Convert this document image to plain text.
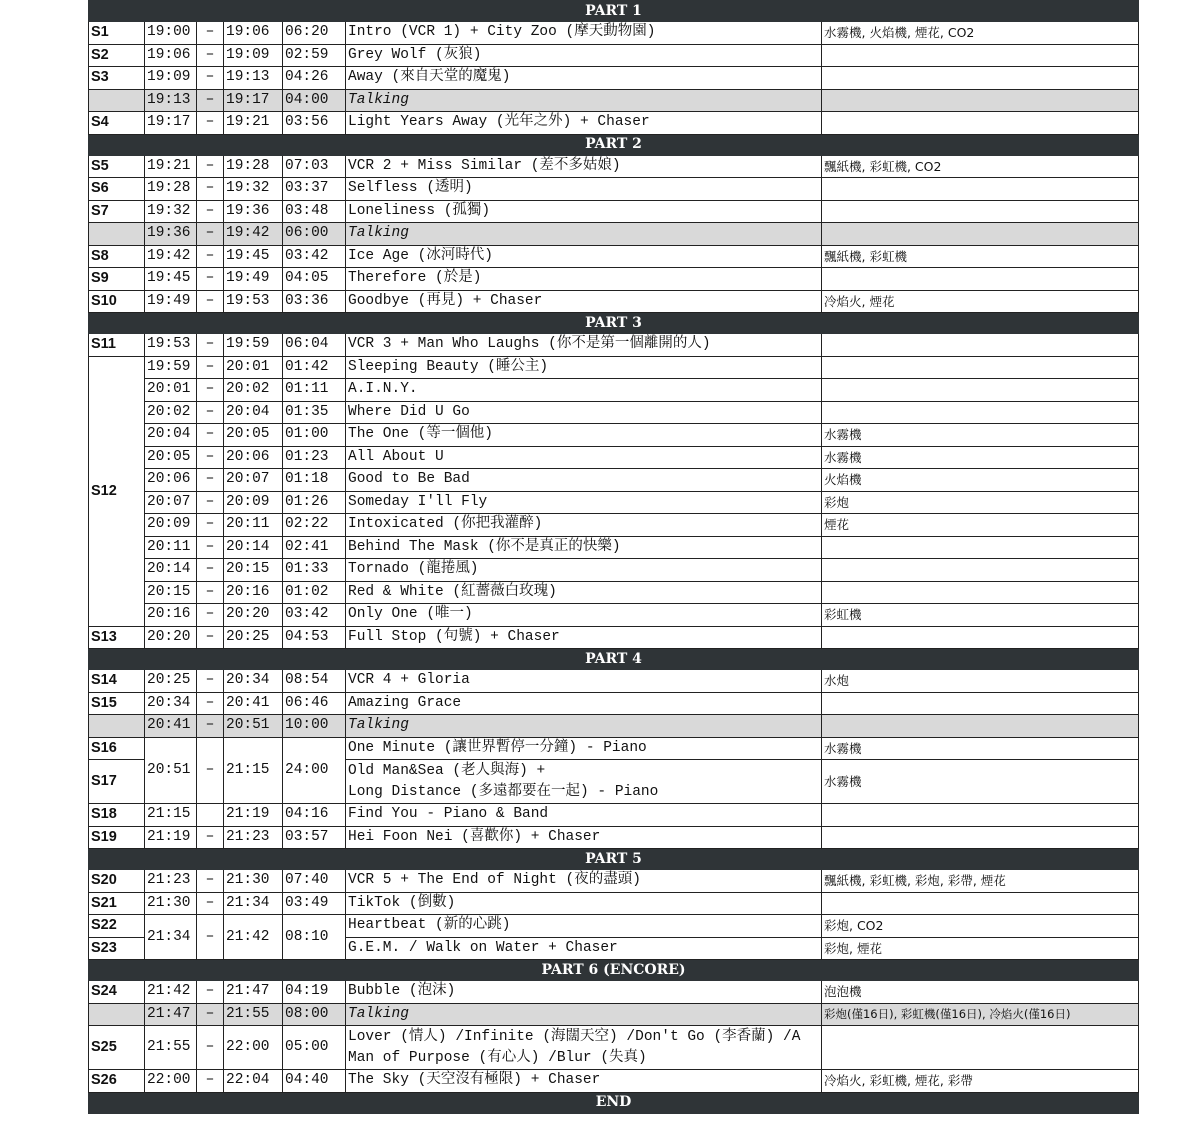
PART 1						
S1	19:00	–	19:06	06:20	Intro (VCR 1) + City Zoo (摩天動物園)	水霧機, 火焰機, 煙花, CO2
S2	19:06	–	19:09	02:59	Grey Wolf (灰狼)	
S3	19:09	–	19:13	04:26	Away (來自天堂的魔鬼)	
	19:13	–	19:17	04:00	Talking	
S4	19:17	–	19:21	03:56	Light Years Away (光年之外) + Chaser	
PART 2						
S5	19:21	–	19:28	07:03	VCR 2 + Miss Similar (差不多姑娘)	飄紙機, 彩虹機, CO2
S6	19:28	–	19:32	03:37	Selfless (透明)	
S7	19:32	–	19:36	03:48	Loneliness (孤獨)	
	19:36	–	19:42	06:00	Talking	
S8	19:42	–	19:45	03:42	Ice Age (冰河時代)	飄紙機, 彩虹機
S9	19:45	–	19:49	04:05	Therefore (於是)	
S10	19:49	–	19:53	03:36	Goodbye (再見) + Chaser	冷焰火, 煙花
PART 3						
S11	19:53	–	19:59	06:04	VCR 3 + Man Who Laughs (你不是第一個離開的人)	
S12	19:59	–	20:01	01:42	Sleeping Beauty (睡公主)	
	20:01	–	20:02	01:11	A.I.N.Y.	
	20:02	–	20:04	01:35	Where Did U Go	
	20:04	–	20:05	01:00	The One (等一個他)	水霧機
	20:05	–	20:06	01:23	All About U	水霧機
	20:06	–	20:07	01:18	Good to Be Bad	火焰機
	20:07	–	20:09	01:26	Someday I'll Fly	彩炮
	20:09	–	20:11	02:22	Intoxicated (你把我灌醉)	煙花
	20:11	–	20:14	02:41	Behind The Mask (你不是真正的快樂)	
	20:14	–	20:15	01:33	Tornado (龍捲風)	
	20:15	–	20:16	01:02	Red & White (紅薔薇白玫瑰)	
	20:16	–	20:20	03:42	Only One (唯一)	彩虹機
S13	20:20	–	20:25	04:53	Full Stop (句號) + Chaser	
PART 4						
S14	20:25	–	20:34	08:54	VCR 4 + Gloria	水炮
S15	20:34	–	20:41	06:46	Amazing Grace	
	20:41	–	20:51	10:00	Talking	
S16	20:51	–	21:15	24:00	One Minute (讓世界暫停一分鐘) - Piano	水霧機
S17					Old Man&Sea (老人與海) +
Long Distance (多遠都要在一起) - Piano	水霧機
S18	21:15		21:19	04:16	Find You - Piano & Band	
S19	21:19	–	21:23	03:57	Hei Foon Nei (喜歡你) + Chaser	
PART 5						
S20	21:23	–	21:30	07:40	VCR 5 + The End of Night (夜的盡頭)	飄紙機, 彩虹機, 彩炮, 彩帶, 煙花
S21	21:30	–	21:34	03:49	TikTok (倒數)	
S22	21:34	–	21:42	08:10	Heartbeat (新的心跳)	彩炮, CO2
S23					G.E.M. / Walk on Water + Chaser	彩炮, 煙花
PART 6 (ENCORE)						
S24	21:42	–	21:47	04:19	Bubble (泡沫)	泡泡機
	21:47	–	21:55	08:00	Talking	彩炮(僅16日), 彩虹機(僅16日), 冷焰火(僅16日)
S25	21:55	–	22:00	05:00	Lover (情人) /Infinite (海闊天空) /Don't Go (李香蘭) /A
Man of Purpose (有心人) /Blur (失真)	

S26	22:00	–	22:04	04:40	The Sky (天空沒有極限) + Chaser	冷焰火, 彩虹機, 煙花, 彩帶
END						
